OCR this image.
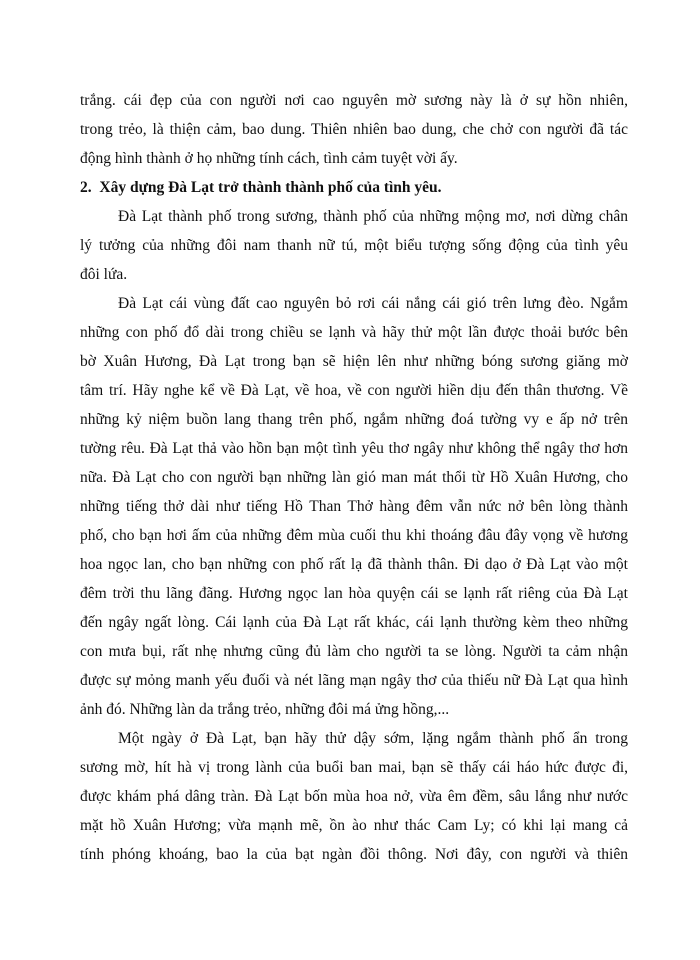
trắng. cái đẹp của con người nơi cao nguyên mờ sương này là ở sự hồn nhiên,
trong trẻo, là thiện cảm, bao dung. Thiên nhiên bao dung, che chở con người đã tác
động hình thành ở họ những tính cách, tình cảm tuyệt vời ấy.
2.  Xây dựng Đà Lạt trở thành thành phố của tình yêu.
Đà Lạt thành phố trong sương, thành phố của những mộng mơ, nơi dừng chân
lý tưởng của những đôi nam thanh nữ tú, một biểu tượng sống động của tình yêu
đôi lứa.
Đà Lạt cái vùng đất cao nguyên bỏ rơi cái nắng cái gió trên lưng đèo. Ngắm
những con phố đổ dài trong chiều se lạnh và hãy thử một lần được thoải bước bên
bờ Xuân Hương, Đà Lạt trong bạn sẽ hiện lên như những bóng sương giăng mờ
tâm trí. Hãy nghe kể về Đà Lạt, về hoa, về con người hiền dịu đến thân thương. Về
những kỷ niệm buồn lang thang trên phố, ngắm những đoá tường vy e ấp nở trên
tường rêu. Đà Lạt thả vào hồn bạn một tình yêu thơ ngây như không thể ngây thơ hơn
nữa. Đà Lạt cho con người bạn những làn gió man mát thổi từ Hồ Xuân Hương, cho
những tiếng thở dài như tiếng Hồ Than Thở hàng đêm vẫn nức nở bên lòng thành
phố, cho bạn hơi ấm của những đêm mùa cuối thu khi thoáng đâu đây vọng về hương
hoa ngọc lan, cho bạn những con phố rất lạ đã thành thân. Đi dạo ở Đà Lạt vào một
đêm trời thu lãng đãng. Hương ngọc lan hòa quyện cái se lạnh rất riêng của Đà Lạt
đến ngây ngất lòng. Cái lạnh của Đà Lạt rất khác, cái lạnh thường kèm theo những
con mưa bụi, rất nhẹ nhưng cũng đủ làm cho người ta se lòng. Người ta cảm nhận
được sự mỏng manh yếu đuối và nét lãng mạn ngây thơ của thiếu nữ Đà Lạt qua hình
ảnh đó. Những làn da trắng trẻo, những đôi má ửng hồng,...
Một ngày ở Đà Lạt, bạn hãy thử dậy sớm, lặng ngắm thành phố ẩn trong
sương mờ, hít hà vị trong lành của buổi ban mai, bạn sẽ thấy cái háo hức được đi,
được khám phá dâng tràn. Đà Lạt bốn mùa hoa nở, vừa êm đềm, sâu lắng như nước
mặt hồ Xuân Hương; vừa mạnh mẽ, ồn ào như thác Cam Ly; có khi lại mang cả
tính phóng khoáng, bao la của bạt ngàn đồi thông. Nơi đây, con người và thiên
